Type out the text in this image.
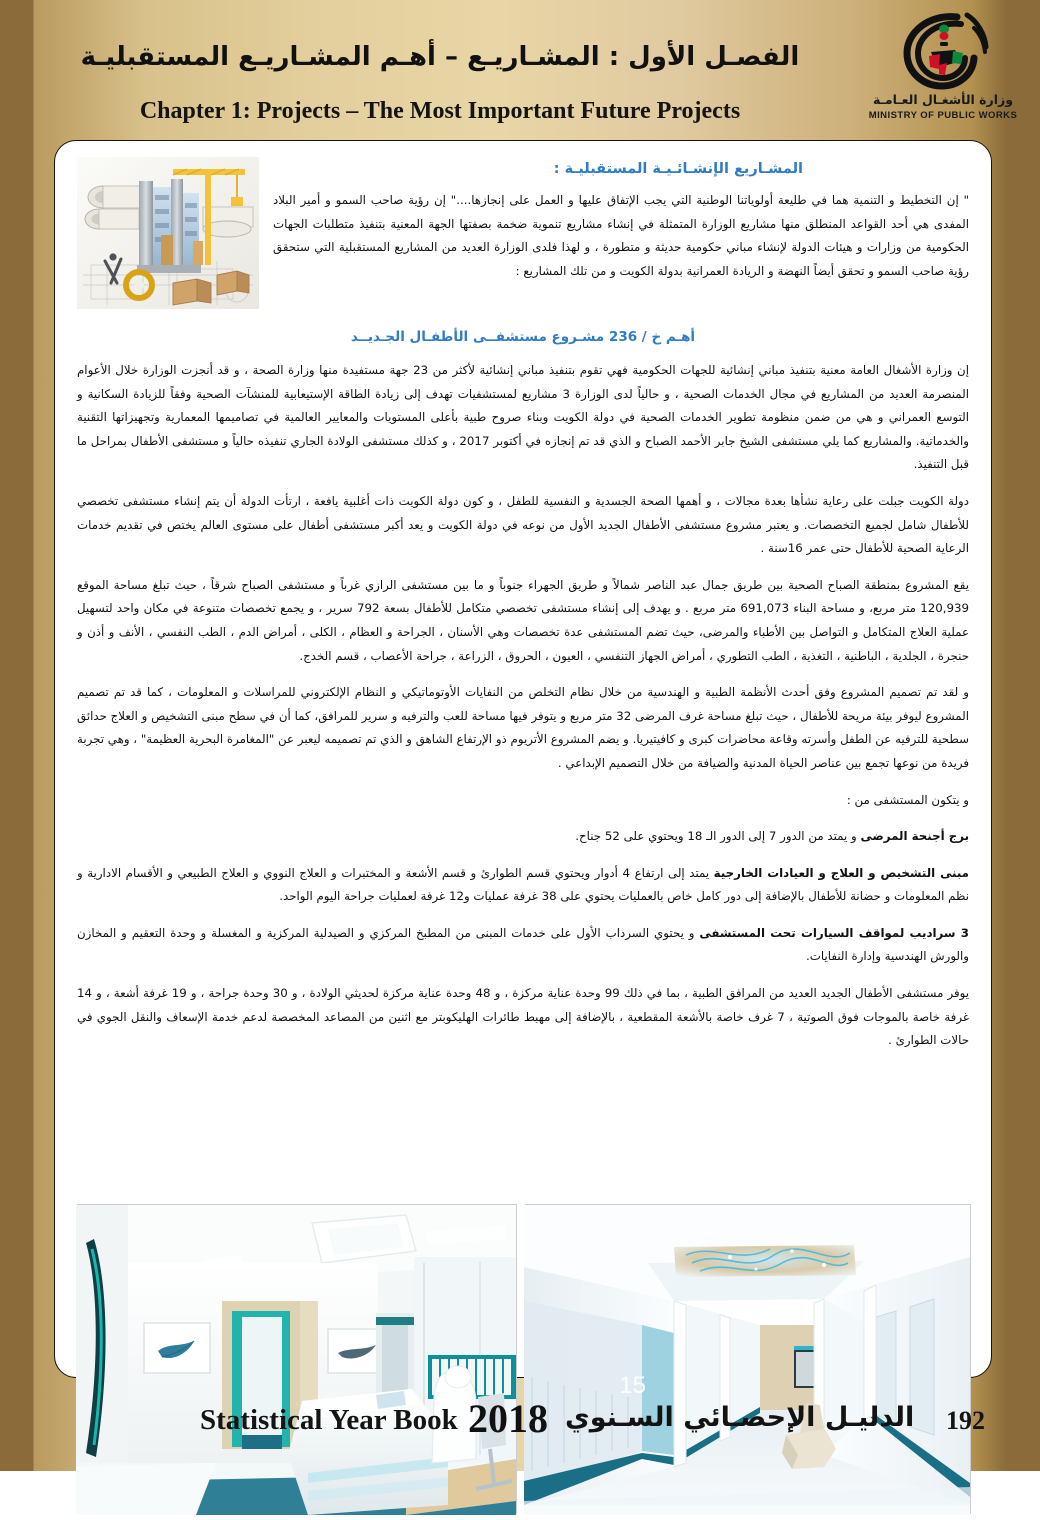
الفصـل الأول : المشـاريـع – أهـم المشـاريـع المستقبليـة
Chapter 1: Projects – The Most Important Future Projects	وزارة الأشغـال العـامـة
MINISTRY OF PUBLIC WORKS
المشـاريع الإنشـائـيـة المستقبليـة :
" إن التخطيط و التنمية هما في طليعة أولوياتنا الوطنية التي يجب الإتفاق عليها و العمل على إنجازها...." إن رؤية صاحب السمو و أمير البلاد المفدى هي أحد القواعد المنطلق منها مشاريع الوزارة المتمثلة في إنشاء مشاريع تنموية ضخمة بصفتها الجهة المعنية بتنفيذ متطلبات الجهات الحكومية من وزارات و هيئات الدولة لإنشاء مباني حكومية حديثة و متطورة ، و لهذا فلدى الوزارة العديد من المشاريع المستقبلية التي ستحقق رؤية صاحب السمو و تحقق أيضاً النهضة و الريادة العمرانية بدولة الكويت و من تلك المشاريع :
أهـم خ / 236 مشـروع مستشفــى الأطفـال الجـديــد

إن وزارة الأشغال العامة معنية بتنفيذ مباني إنشائية للجهات الحكومية فهي تقوم بتنفيذ مباني إنشائية لأكثر من 23 جهة مستفيدة منها وزارة الصحة ، و قد أنجزت الوزارة خلال الأعوام المنصرمة العديد من المشاريع في مجال الخدمات الصحية ، و حالياً لدى الوزارة 3 مشاريع لمستشفيات تهدف إلى زيادة الطاقة الإستيعابية للمنشآت الصحية وفقاً للزيادة السكانية و التوسع العمراني و هي من ضمن منظومة تطوير الخدمات الصحية في دولة الكويت وبناء صروح طبية بأعلى المستويات والمعايير العالمية في تصاميمها المعمارية وتجهيزاتها التقنية والخدماتية. والمشاريع كما يلي مستشفى الشيخ جابر الأحمد الصباح و الذي قد تم إنجازه في أكتوبر 2017 ، و كذلك مستشفى الولادة الجاري تنفيذه حالياً و مستشفى الأطفال بمراحل ما قبل التنفيذ.

دولة الكويت جبلت على رعاية نشأها بعدة مجالات ، و أهمها الصحة الجسدية و النفسية للطفل ، و كون دولة الكويت ذات أغلبية يافعة ، ارتأت الدولة أن يتم إنشاء مستشفى تخصصي للأطفال شامل لجميع التخصصات. و يعتبر مشروع مستشفى الأطفال الجديد الأول من نوعه في دولة الكويت و يعد أكبر مستشفى أطفال على مستوى العالم يختص في تقديم خدمات الرعاية الصحية للأطفال حتى عمر 16سنة .

يقع المشروع بمنطقة الصباح الصحية بين طريق جمال عبد الناصر شمالاً و طريق الجهراء جنوباً و ما بين مستشفى الرازي غرباً و مستشفى الصباح شرقاً ، حيث تبلغ مساحة الموقع 120,939 متر مربع، و مساحة البناء 691,073 متر مربع . و يهدف إلى إنشاء مستشفى تخصصي متكامل للأطفال بسعة 792 سرير ، و يجمع تخصصات متنوعة في مكان واحد لتسهيل عملية العلاج المتكامل و التواصل بين الأطباء والمرضى، حيث تضم المستشفى عدة تخصصات وهي الأسنان ، الجراحة و العظام ، الكلى ، أمراض الدم ، الطب النفسي ، الأنف و أذن و حنجرة ، الجلدية ، الباطنية ، التغذية ، الطب التطوري ، أمراض الجهاز التنفسي ، العيون ، الحروق ، الزراعة ، جراحة الأعصاب ، قسم الخدج.

و لقد تم تصميم المشروع وفق أحدث الأنظمة الطبية و الهندسية من خلال نظام التخلص من النفايات الأوتوماتيكي و النظام الإلكتروني للمراسلات و المعلومات ، كما قد تم تصميم المشروع ليوفر بيئة مريحة للأطفال ، حيث تبلغ مساحة غرف المرضى 32 متر مربع و يتوفر فيها مساحة للعب والترفيه و سرير للمرافق، كما أن في سطح مبنى التشخيص و العلاج حدائق سطحية للترفيه عن الطفل وأسرته وقاعة محاضرات كبرى و كافيتيريا. و يضم المشروع الأتريوم ذو الإرتفاع الشاهق و الذي تم تصميمه ليعبر عن "المغامرة البحرية العظيمة" ، وهي تجربة فريدة من نوعها تجمع بين عناصر الحياة المدنية والضيافة من خلال التصميم الإبداعي .

و يتكون المستشفى من :

برج أجنحة المرضى و يمتد من الدور 7 إلى الدور الـ 18 ويحتوي على 52 جناح.

مبنى التشخيص و العلاج و العيادات الخارجية يمتد إلى ارتفاع 4 أدوار ويحتوي قسم الطوارئ و قسم الأشعة و المختبرات و العلاج النووي و العلاج الطبيعي و الأقسام الادارية و نظم المعلومات و حضانة للأطفال بالإضافة إلى دور كامل خاص بالعمليات يحتوي على 38 غرفة عمليات و12 غرفة لعمليات جراحة اليوم الواحد.

3 سراديب لمواقف السيارات تحت المستشفى و يحتوي السرداب الأول على خدمات المبنى من المطبخ المركزي و الصيدلية المركزية و المغسلة و وحدة التعقيم و المخازن والورش الهندسية وإدارة النفايات.

يوفر مستشفى الأطفال الجديد العديد من المرافق الطبية ، بما في ذلك 99 وحدة عناية مركزة ، و 48 وحدة عناية مركزة لحديثي الولادة ، و 30 وحدة جراحة ، و 19 غرفة أشعة ، و 14 غرفة خاصة بالموجات فوق الصوتية ، 7 غرف خاصة بالأشعة المقطعية ، بالإضافة إلى مهبط طائرات الهليكوبتر مع اثنين من المصاعد المخصصة لدعم خدمة الإسعاف والنقل الجوي في حالات الطوارئ .

15
Statistical Year Book 2018 الدليـل الإحصـائي السـنوي 192
